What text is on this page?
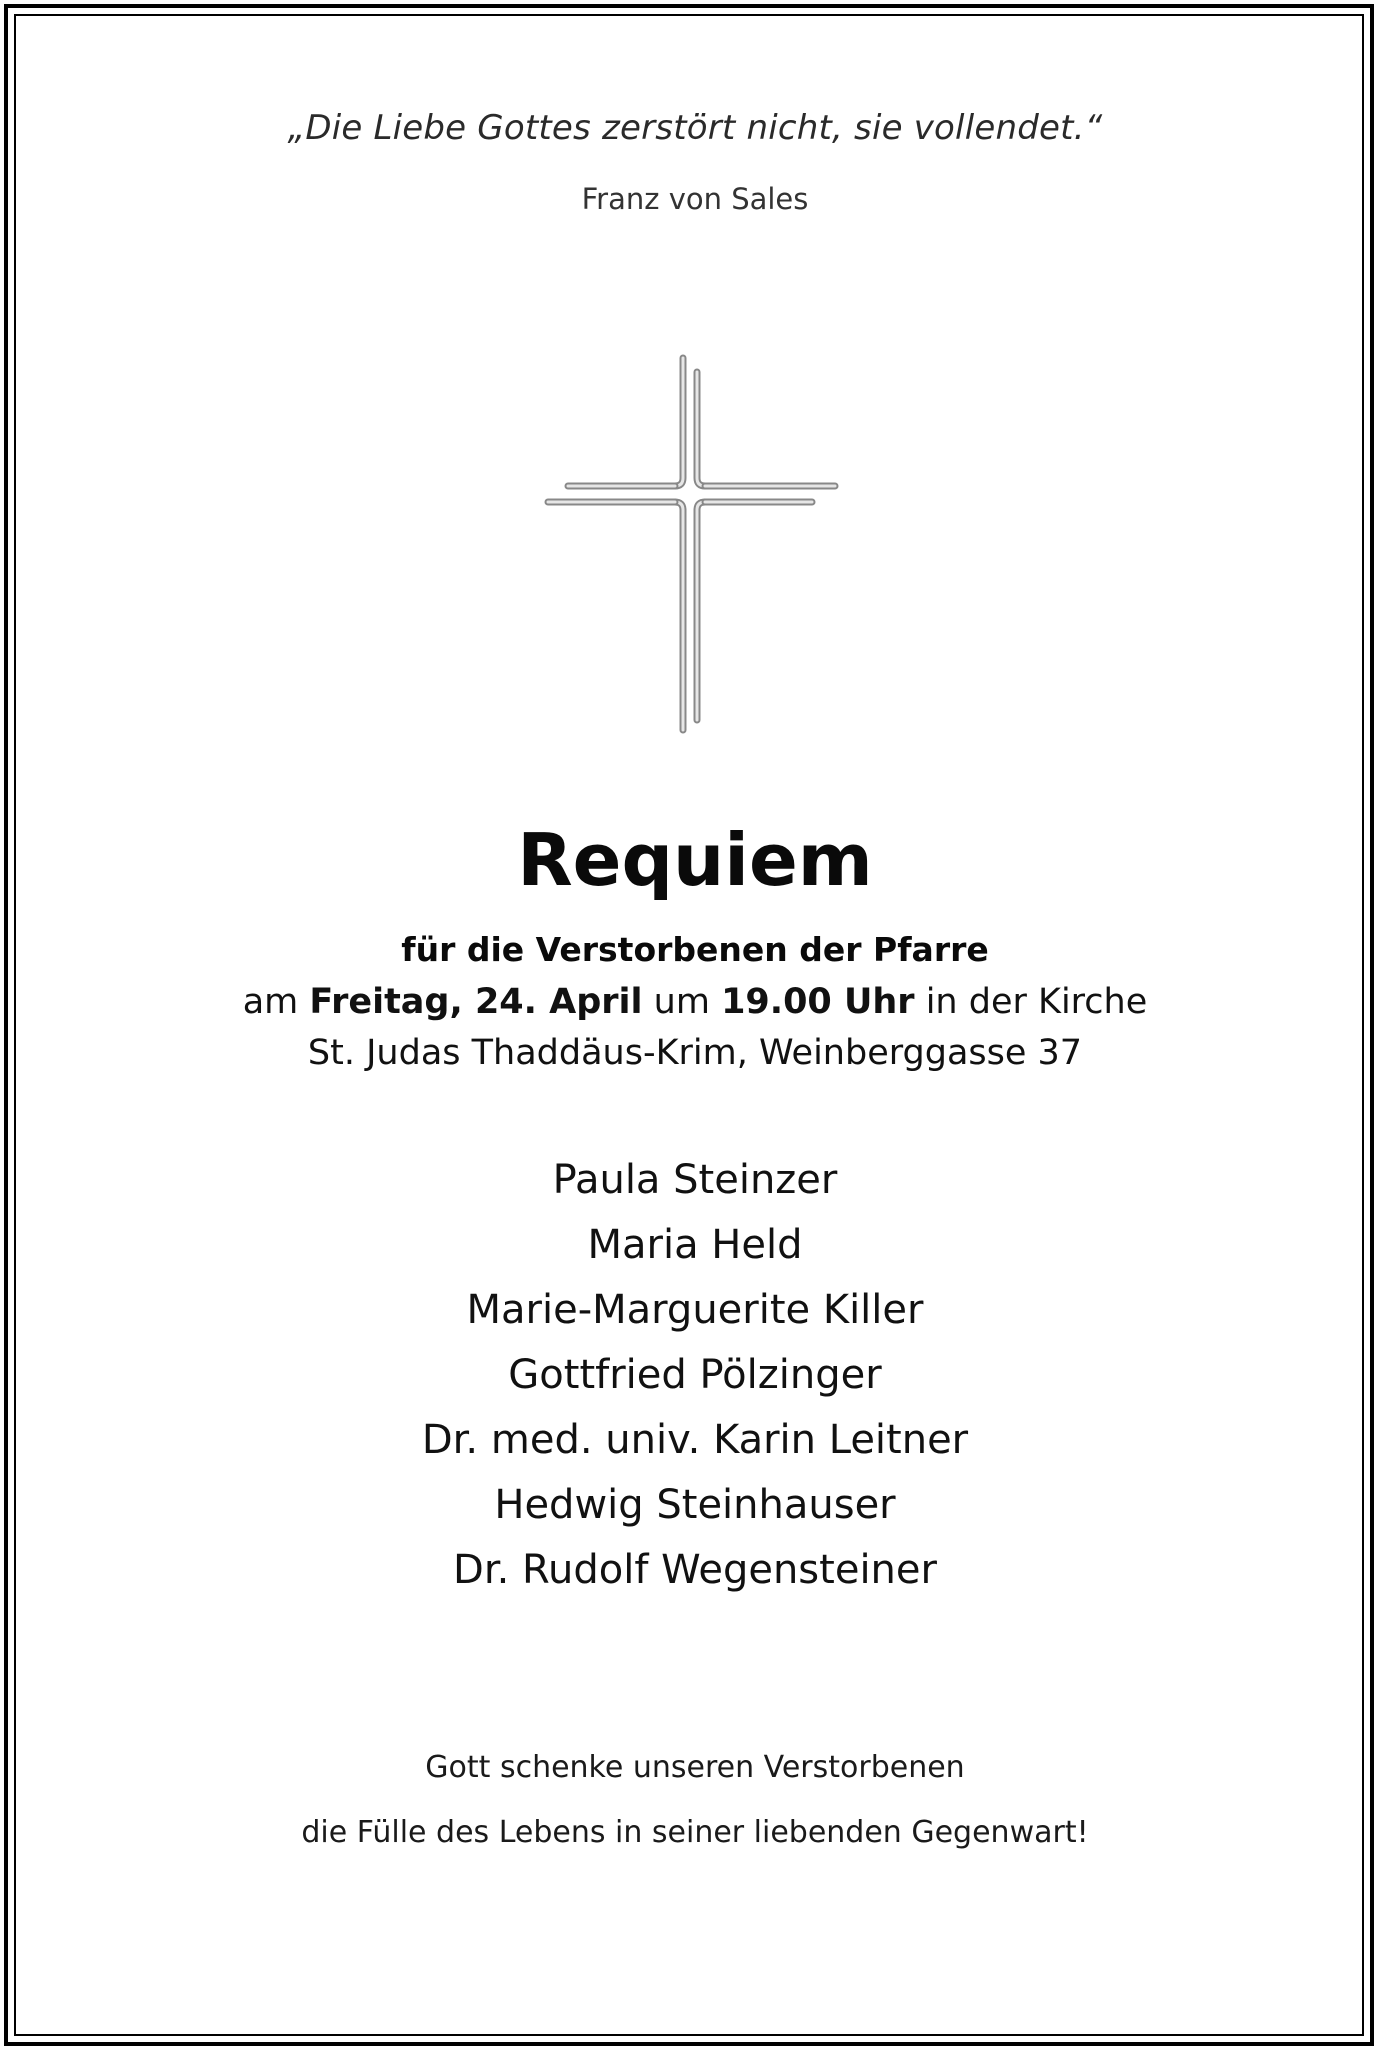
„Die Liebe Gottes zerstört nicht, sie vollendet.“
Franz von Sales
Requiem
für die Verstorbenen der Pfarre
am Freitag, 24. April um 19.00 Uhr in der Kirche
St. Judas Thaddäus-Krim, Weinberggasse 37
Paula Steinzer
Maria Held
Marie-Marguerite Killer
Gottfried Pölzinger
Dr. med. univ. Karin Leitner
Hedwig Steinhauser
Dr. Rudolf Wegensteiner
Gott schenke unseren Verstorbenen
die Fülle des Lebens in seiner liebenden Gegenwart!
